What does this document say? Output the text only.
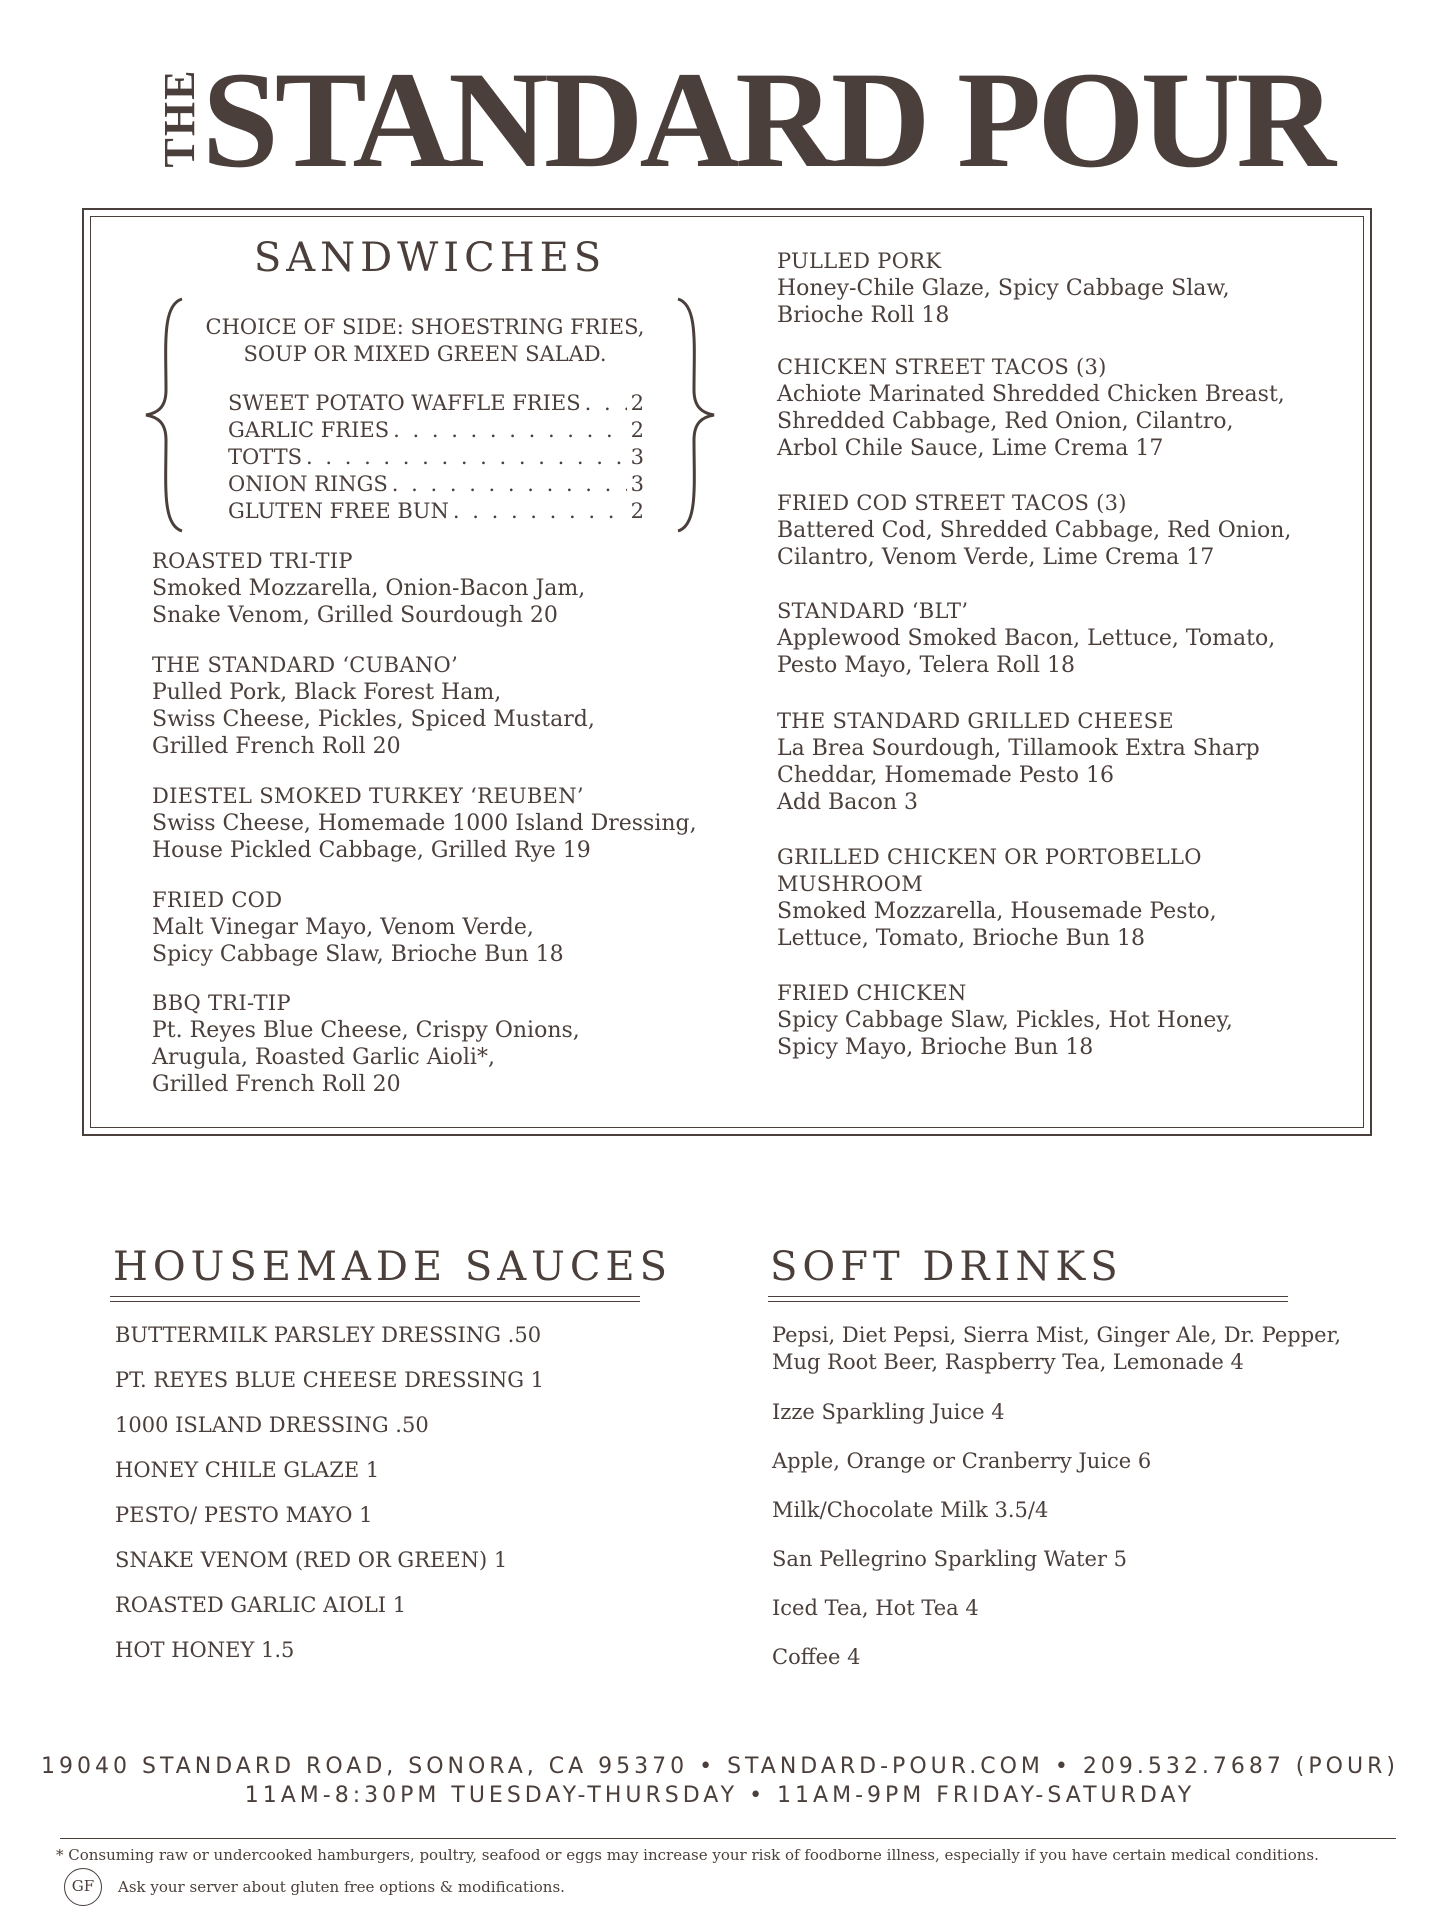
THE
STANDARD POUR
SANDWICHES
CHOICE OF SIDE: SHOESTRING FRIES,
SOUP OR MIXED GREEN SALAD.
SWEET POTATO WAFFLE FRIES . . . 2
GARLIC FRIES . . .	2
TOTTS . . .	3
ONION RINGS . . .	3
GLUTEN FREE BUN . . .	2
ROASTED TRI-TIP
Smoked Mozzarella, Onion-Bacon Jam,
Snake Venom, Grilled Sourdough 20
THE STANDARD ‘CUBANO’
Pulled Pork, Black Forest Ham,
Swiss Cheese, Pickles, Spiced Mustard,
Grilled French Roll 20
DIESTEL SMOKED TURKEY ‘REUBEN’
Swiss Cheese, Homemade 1000 Island Dressing,
House Pickled Cabbage, Grilled Rye 19
FRIED COD
Malt Vinegar Mayo, Venom Verde,
Spicy Cabbage Slaw, Brioche Bun 18
BBQ TRI-TIP
Pt. Reyes Blue Cheese, Crispy Onions,
Arugula, Roasted Garlic Aioli*,
Grilled French Roll 20
PULLED PORK
Honey-Chile Glaze, Spicy Cabbage Slaw,
Brioche Roll 18
CHICKEN STREET TACOS (3)
Achiote Marinated Shredded Chicken Breast,
Shredded Cabbage, Red Onion, Cilantro,
Arbol Chile Sauce, Lime Crema 17
FRIED COD STREET TACOS (3)
Battered Cod, Shredded Cabbage, Red Onion,
Cilantro, Venom Verde, Lime Crema 17
STANDARD ‘BLT’
Applewood Smoked Bacon, Lettuce, Tomato,
Pesto Mayo, Telera Roll 18
THE STANDARD GRILLED CHEESE
La Brea Sourdough, Tillamook Extra Sharp
Cheddar, Homemade Pesto 16
Add Bacon 3
GRILLED CHICKEN OR PORTOBELLO
MUSHROOM
Smoked Mozzarella, Housemade Pesto,
Lettuce, Tomato, Brioche Bun 18
FRIED CHICKEN
Spicy Cabbage Slaw, Pickles, Hot Honey,
Spicy Mayo, Brioche Bun 18
HOUSEMADE SAUCES
BUTTERMILK PARSLEY DRESSING .50
PT. REYES BLUE CHEESE DRESSING 1
1000 ISLAND DRESSING .50
HONEY CHILE GLAZE 1
PESTO/ PESTO MAYO 1
SNAKE VENOM (RED OR GREEN) 1
ROASTED GARLIC AIOLI 1
HOT HONEY 1.5
SOFT DRINKS
Pepsi, Diet Pepsi, Sierra Mist, Ginger Ale, Dr. Pepper, Mug Root Beer, Raspberry Tea, Lemonade 4
Izze Sparkling Juice 4
Apple, Orange or Cranberry Juice 6
Milk/Chocolate Milk 3.5/4
San Pellegrino Sparkling Water 5
Iced Tea, Hot Tea 4
Coffee 4
19040 STANDARD ROAD, SONORA, CA 95370 • STANDARD-POUR.COM • 209.532.7687 (POUR)
11AM-8:30PM TUESDAY-THURSDAY • 11AM-9PM FRIDAY-SATURDAY
* Consuming raw or undercooked hamburgers, poultry, seafood or eggs may increase your risk of foodborne illness, especially if you have certain medical conditions.
GF	Ask your server about gluten free options & modifications.
